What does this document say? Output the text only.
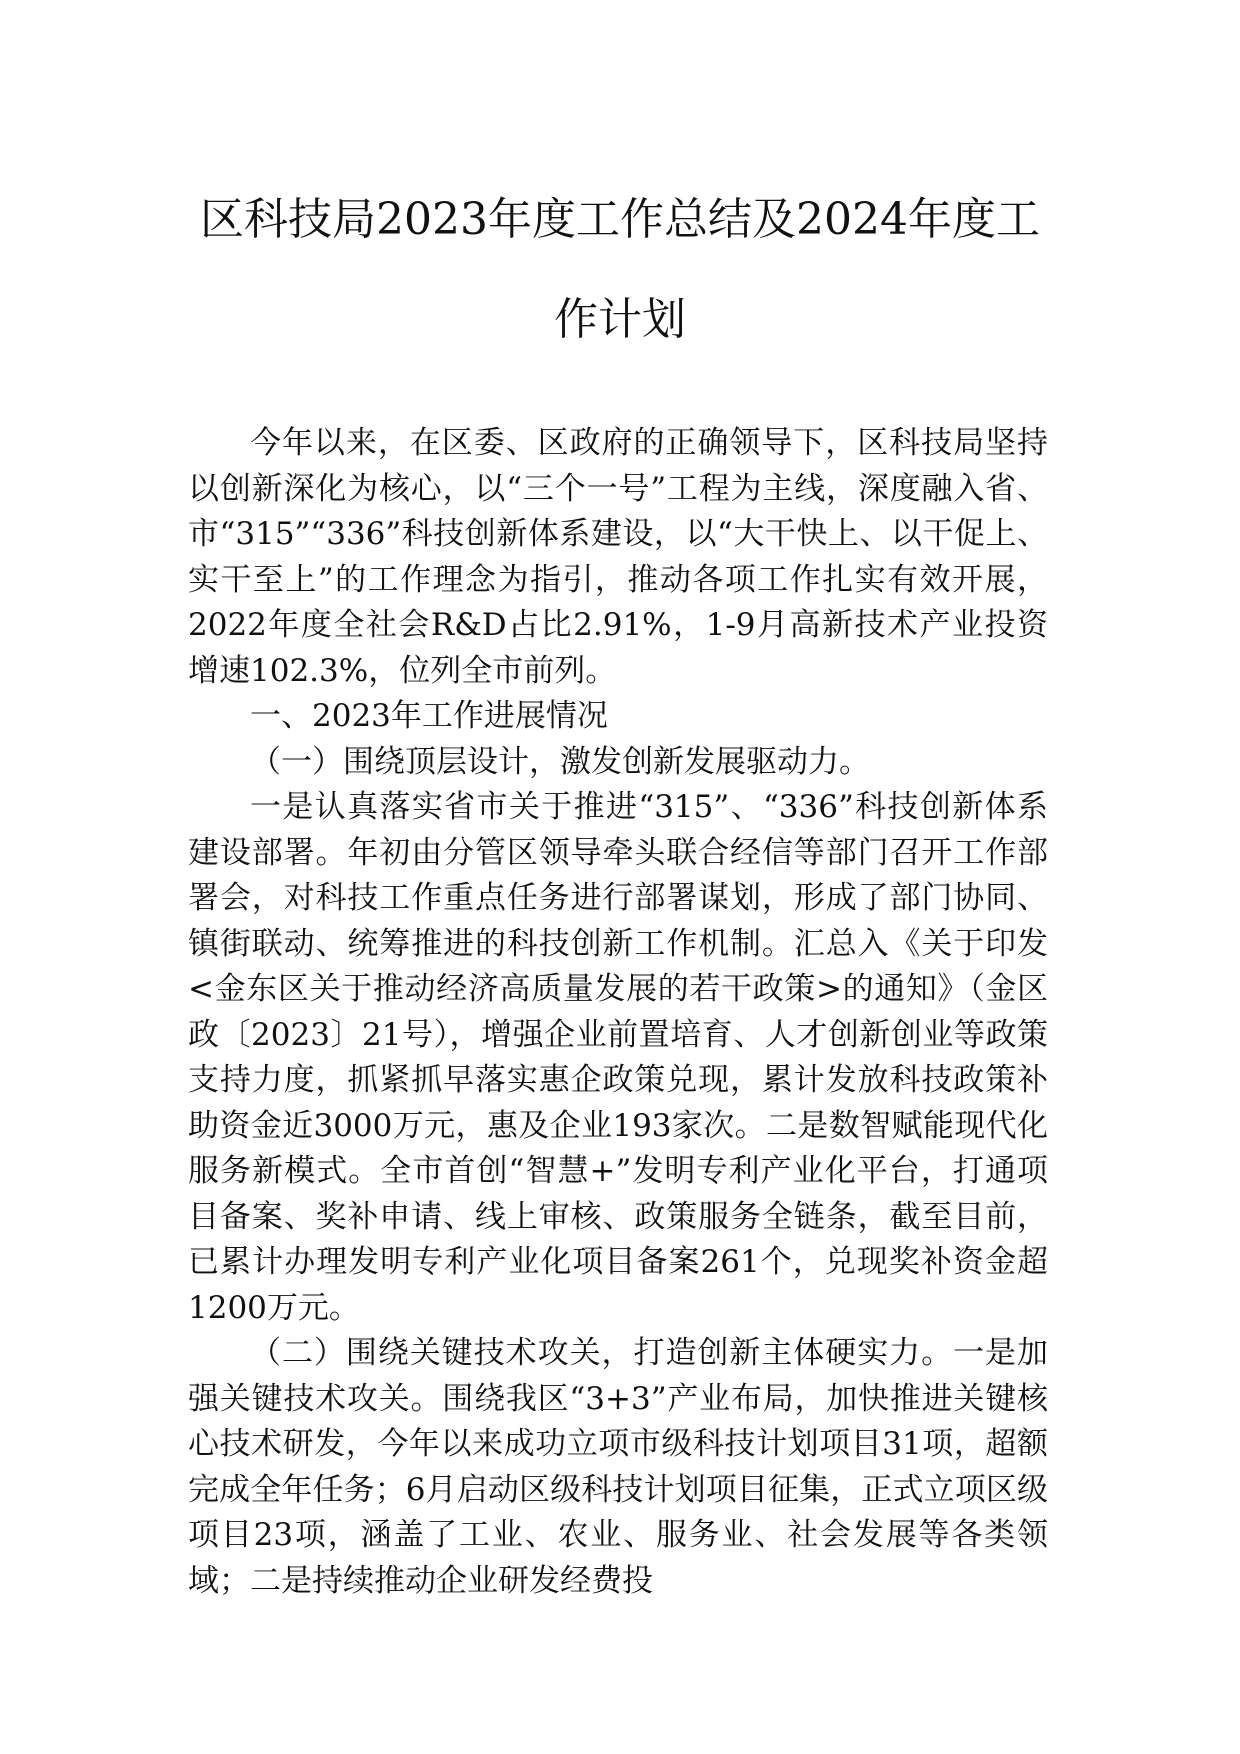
区科技局2023年度工作总结及2024年度工
作计划

今年以来，在区委、区政府的正确领导下，区科技局坚持以创新深化为核心，以“三个一号”工程为主线，深度融入省、市“315”“336”科技创新体系建设，以“大干快上、以干促上、实干至上”的工作理念为指引，推动各项工作扎实有效开展，2022年度全社会R&D占比2.91%，1-9月高新技术产业投资增速102.3%，位列全市前列。

一、2023年工作进展情况

（一）围绕顶层设计，激发创新发展驱动力。

一是认真落实省市关于推进“315”、“336”科技创新体系建设部署。年初由分管区领导牵头联合经信等部门召开工作部署会，对科技工作重点任务进行部署谋划，形成了部门协同、镇街联动、统筹推进的科技创新工作机制。汇总入《关于印发<金东区关于推动经济高质量发展的若干政策>的通知》（金区政〔2023〕21号），增强企业前置培育、人才创新创业等政策支持力度，抓紧抓早落实惠企政策兑现，累计发放科技政策补助资金近3000万元，惠及企业193家次。二是数智赋能现代化服务新模式。全市首创“智慧+”发明专利产业化平台，打通项目备案、奖补申请、线上审核、政策服务全链条，截至目前，已累计办理发明专利产业化项目备案261个，兑现奖补资金超1200万元。

（二）围绕关键技术攻关，打造创新主体硬实力。一是加强关键技术攻关。围绕我区“3+3”产业布局，加快推进关键核心技术研发，今年以来成功立项市级科技计划项目31项，超额完成全年任务；6月启动区级科技计划项目征集，正式立项区级项目23项，涵盖了工业、农业、服务业、社会发展等各类领域；二是持续推动企业研发经费投
